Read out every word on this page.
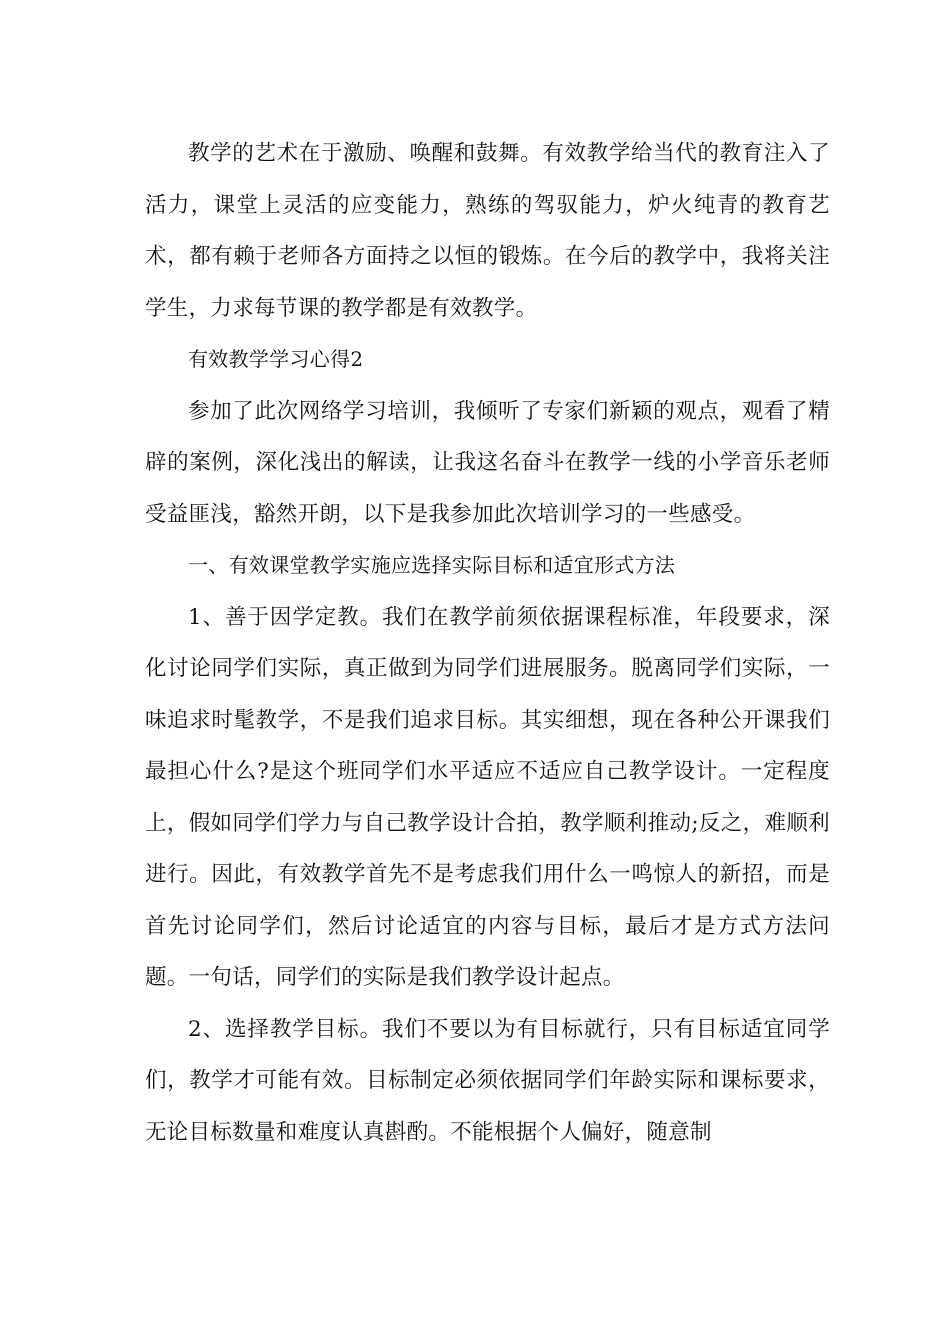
教学的艺术在于激励、唤醒和鼓舞。有效教学给当代的教育注入了活力，课堂上灵活的应变能力，熟练的驾驭能力，炉火纯青的教育艺术，都有赖于老师各方面持之以恒的锻炼。在今后的教学中，我将关注学生，力求每节课的教学都是有效教学。

有效教学学习心得2

参加了此次网络学习培训，我倾听了专家们新颖的观点，观看了精辟的案例，深化浅出的解读，让我这名奋斗在教学一线的小学音乐老师受益匪浅，豁然开朗，以下是我参加此次培训学习的一些感受。

一、有效课堂教学实施应选择实际目标和适宜形式方法

1、善于因学定教。我们在教学前须依据课程标准，年段要求，深化讨论同学们实际，真正做到为同学们进展服务。脱离同学们实际，一味追求时髦教学，不是我们追求目标。其实细想，现在各种公开课我们最担心什么?是这个班同学们水平适应不适应自己教学设计。一定程度上，假如同学们学力与自己教学设计合拍，教学顺利推动;反之，难顺利进行。因此，有效教学首先不是考虑我们用什么一鸣惊人的新招，而是首先讨论同学们，然后讨论适宜的内容与目标，最后才是方式方法问题。一句话，同学们的实际是我们教学设计起点。

2、选择教学目标。我们不要以为有目标就行，只有目标适宜同学们，教学才可能有效。目标制定必须依据同学们年龄实际和课标要求，无论目标数量和难度认真斟酌。不能根据个人偏好，随意制
